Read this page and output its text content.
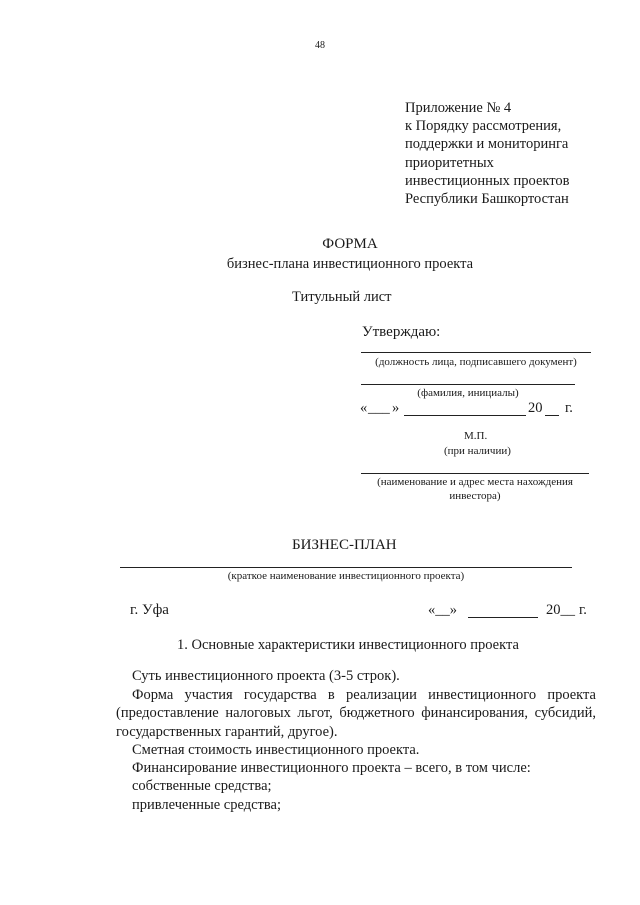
48
Приложение № 4
к Порядку рассмотрения,
поддержки и мониторинга
приоритетных
инвестиционных проектов
Республики Башкортостан
ФОРМА
бизнес-плана инвестиционного проекта
Титульный лист
Утверждаю:
(должность лица, подписавшего документ)
(фамилия, инициалы)
« ___ »	20 г.
М.П.
(при наличии)
(наименование и адрес места нахождения
инвестора)
БИЗНЕС-ПЛАН
(краткое наименование инвестиционного проекта)
г. Уфа	«__»	20__ г.
1. Основные характеристики инвестиционного проекта
Суть инвестиционного проекта (3-5 строк).
Форма участия государства в реализации инвестиционного проекта (предоставление налоговых льгот, бюджетного финансирования, субсидий, государственных гарантий, другое).
Сметная стоимость инвестиционного проекта.
Финансирование инвестиционного проекта – всего, в том числе:
собственные средства;
привлеченные средства;
